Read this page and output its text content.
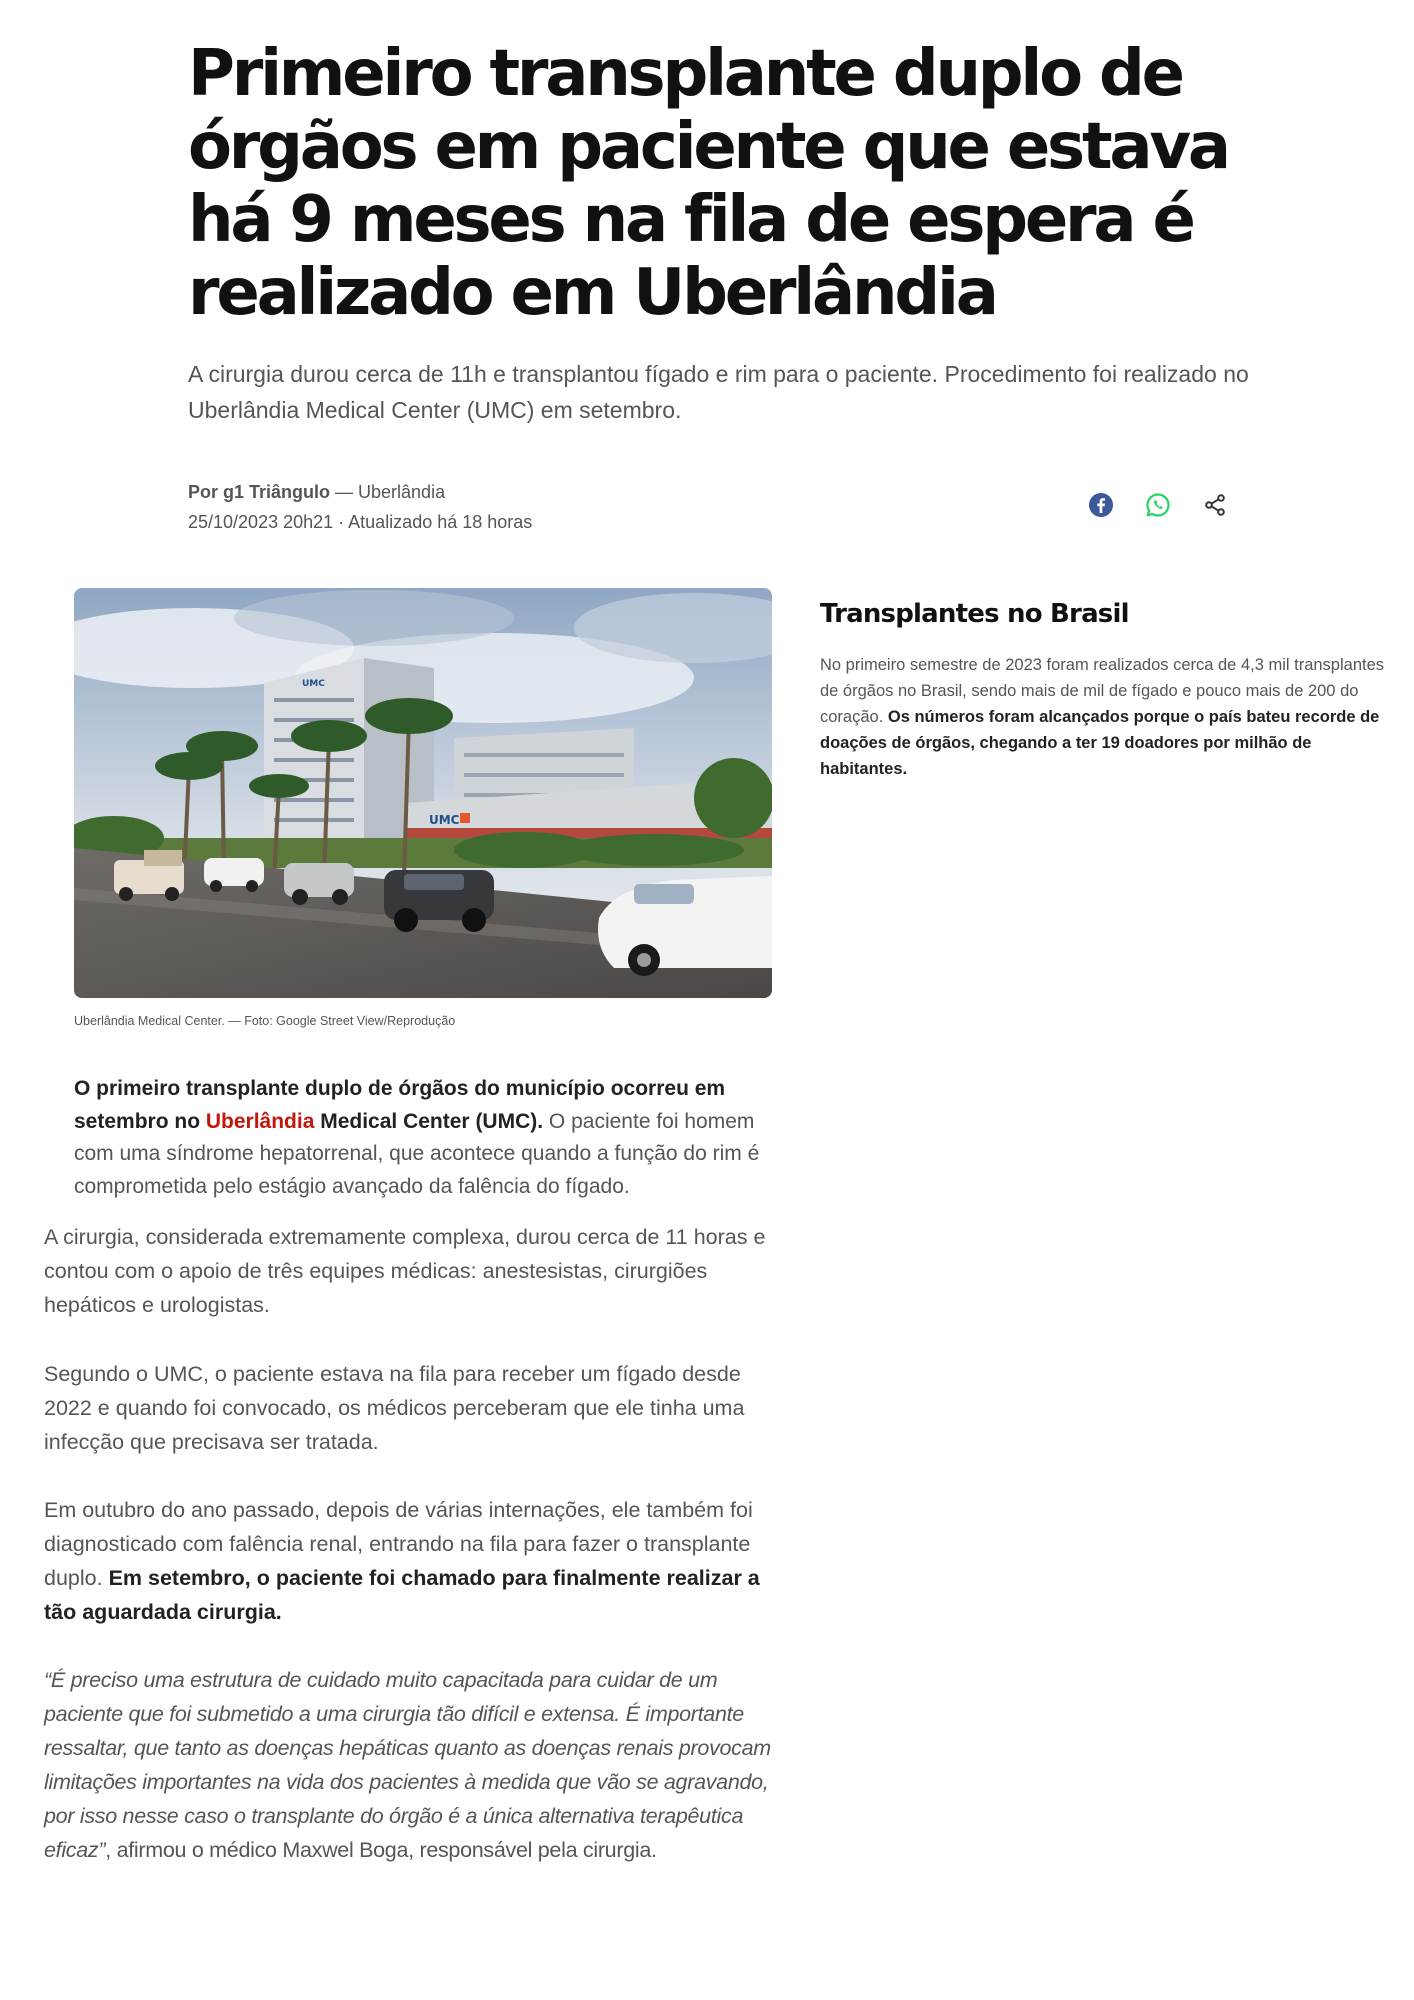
Primeiro transplante duplo de órgãos em paciente que estava há 9 meses na fila de espera é realizado em Uberlândia

A cirurgia durou cerca de 11h e transplantou fígado e rim para o paciente. Procedimento foi realizado no Uberlândia Medical Center (UMC) em setembro.

Por g1 Triângulo — Uberlândia
25/10/2023 20h21 · Atualizado há 18 horas
UMC
UMC
Uberlândia Medical Center. — Foto: Google Street View/Reprodução

O primeiro transplante duplo de órgãos do município ocorreu em setembro no Uberlândia Medical Center (UMC). O paciente foi homem com uma síndrome hepatorrenal, que acontece quando a função do rim é comprometida pelo estágio avançado da falência do fígado.

A cirurgia, considerada extremamente complexa, durou cerca de 11 horas e contou com o apoio de três equipes médicas: anestesistas, cirurgiões hepáticos e urologistas.

Segundo o UMC, o paciente estava na fila para receber um fígado desde 2022 e quando foi convocado, os médicos perceberam que ele tinha uma infecção que precisava ser tratada.

Em outubro do ano passado, depois de várias internações, ele também foi diagnosticado com falência renal, entrando na fila para fazer o transplante duplo. Em setembro, o paciente foi chamado para finalmente realizar a tão aguardada cirurgia.

“É preciso uma estrutura de cuidado muito capacitada para cuidar de um paciente que foi submetido a uma cirurgia tão difícil e extensa. É importante ressaltar, que tanto as doenças hepáticas quanto as doenças renais provocam limitações importantes na vida dos pacientes à medida que vão se agravando, por isso nesse caso o transplante do órgão é a única alternativa terapêutica eficaz”, afirmou o médico Maxwel Boga, responsável pela cirurgia.

Transplantes no Brasil

No primeiro semestre de 2023 foram realizados cerca de 4,3 mil transplantes de órgãos no Brasil, sendo mais de mil de fígado e pouco mais de 200 do coração. Os números foram alcançados porque o país bateu recorde de doações de órgãos, chegando a ter 19 doadores por milhão de habitantes.
